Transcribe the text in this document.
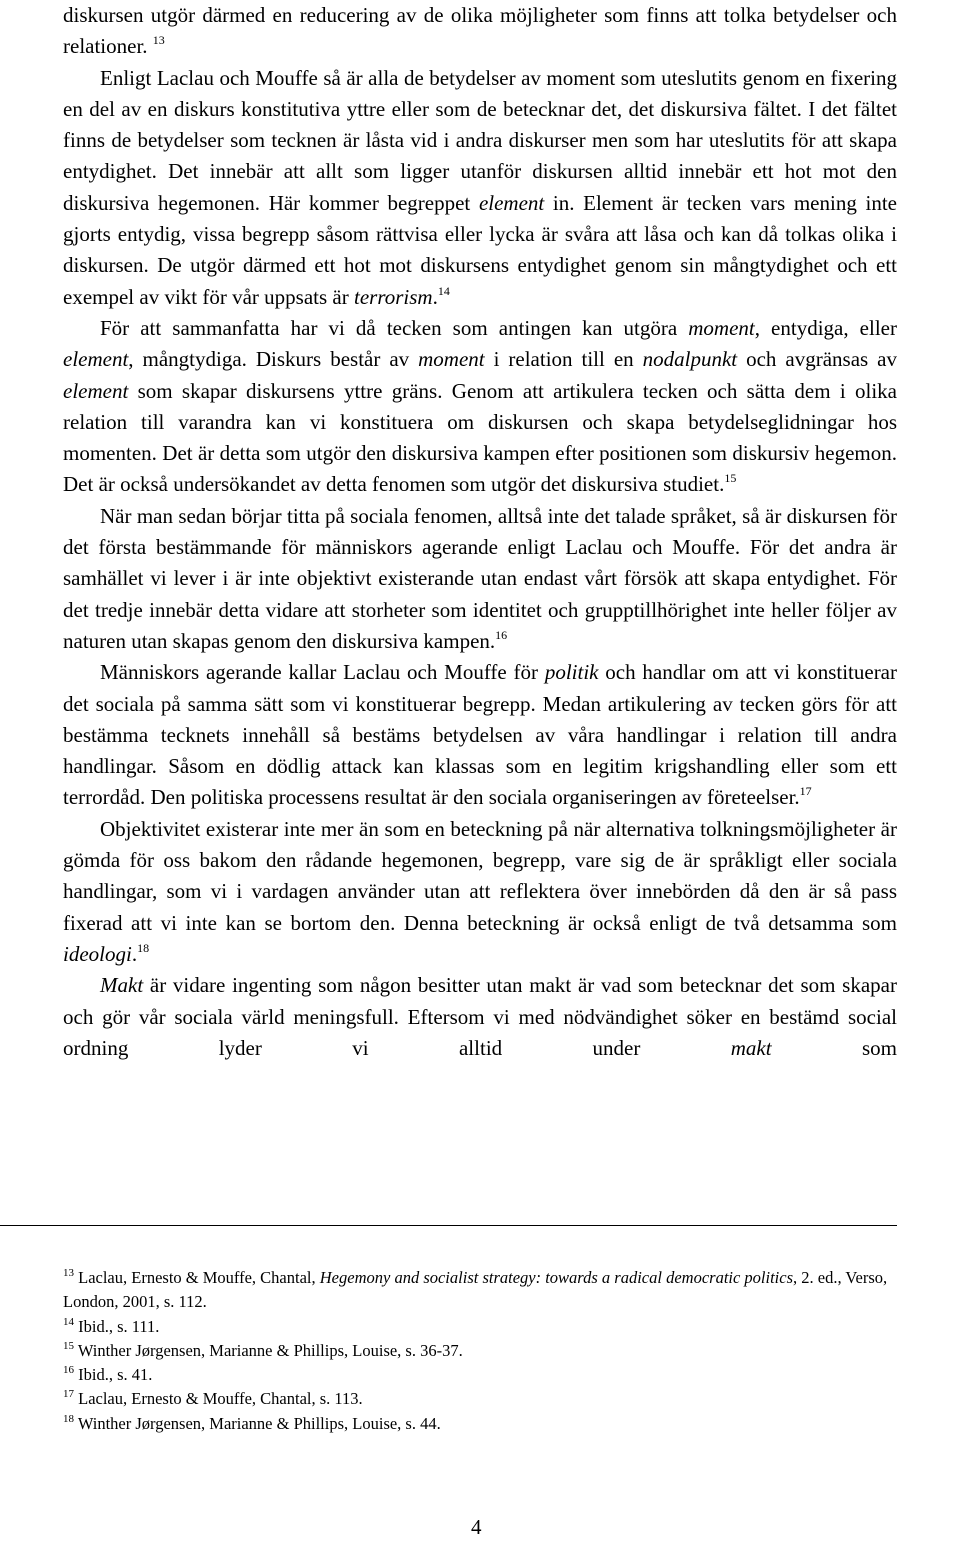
diskursen utgör därmed en reducering av de olika möjligheter som finns att tolka betydelser och relationer. $^{13}$

Enligt Laclau och Mouffe så är alla de betydelser av moment som uteslutits genom en fixering en del av en diskurs konstitutiva yttre eller som de betecknar det, det diskursiva fältet. I det fältet finns de betydelser som tecknen är låsta vid i andra diskurser men som har uteslutits för att skapa entydighet. Det innebär att allt som ligger utanför diskursen alltid innebär ett hot mot den diskursiva hegemonen. Här kommer begreppet element in. Element är tecken vars mening inte gjorts entydig, vissa begrepp såsom rättvisa eller lycka är svåra att låsa och kan då tolkas olika i diskursen. De utgör därmed ett hot mot diskursens entydighet genom sin mångtydighet och ett exempel av vikt för vår uppsats är terrorism.$^{14}$

För att sammanfatta har vi då tecken som antingen kan utgöra moment, entydiga, eller element, mångtydiga. Diskurs består av moment i relation till en nodalpunkt och avgränsas av element som skapar diskursens yttre gräns. Genom att artikulera tecken och sätta dem i olika relation till varandra kan vi konstituera om diskursen och skapa betydelseglidningar hos momenten. Det är detta som utgör den diskursiva kampen efter positionen som diskursiv hegemon. Det är också undersökandet av detta fenomen som utgör det diskursiva studiet.$^{15}$

När man sedan börjar titta på sociala fenomen, alltså inte det talade språket, så är diskursen för det första bestämmande för människors agerande enligt Laclau och Mouffe. För det andra är samhället vi lever i är inte objektivt existerande utan endast vårt försök att skapa entydighet. För det tredje innebär detta vidare att storheter som identitet och grupptillhörighet inte heller följer av naturen utan skapas genom den diskursiva kampen.$^{16}$

Människors agerande kallar Laclau och Mouffe för politik och handlar om att vi konstituerar det sociala på samma sätt som vi konstituerar begrepp. Medan artikulering av tecken görs för att bestämma tecknets innehåll så bestäms betydelsen av våra handlingar i relation till andra handlingar. Såsom en dödlig attack kan klassas som en legitim krigshandling eller som ett terrordåd. Den politiska processens resultat är den sociala organiseringen av företeelser.$^{17}$

Objektivitet existerar inte mer än som en beteckning på när alternativa tolkningsmöjligheter är gömda för oss bakom den rådande hegemonen, begrepp, vare sig de är språkligt eller sociala handlingar, som vi i vardagen använder utan att reflektera över innebörden då den är så pass fixerad att vi inte kan se bortom den. Denna beteckning är också enligt de två detsamma som ideologi.$^{18}$

Makt är vidare ingenting som någon besitter utan makt är vad som betecknar det som skapar och gör vår sociala värld meningsfull. Eftersom vi med nödvändighet söker en bestämd social ordning lyder vi alltid under makt som

$^{13}$ Laclau, Ernesto & Mouffe, Chantal, Hegemony and socialist strategy: towards a radical democratic politics, 2. ed., Verso, London, 2001, s. 112.

$^{14}$ Ibid., s. 111.

$^{15}$ Winther Jørgensen, Marianne & Phillips, Louise, s. 36-37.

$^{16}$ Ibid., s. 41.

$^{17}$ Laclau, Ernesto & Mouffe, Chantal, s. 113.

$^{18}$ Winther Jørgensen, Marianne & Phillips, Louise, s. 44.

4
